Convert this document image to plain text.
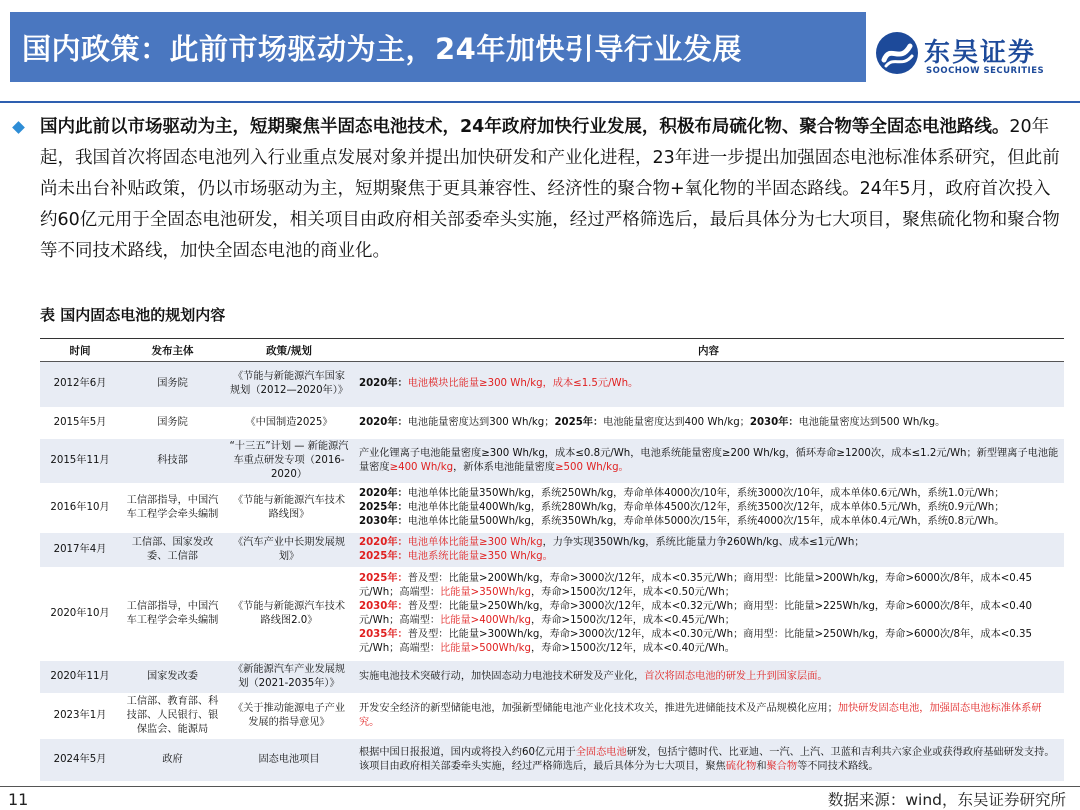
国内政策：此前市场驱动为主，24年加快引导行业发展	东吴证券
SOOCHOW SECURITIES
国内此前以市场驱动为主，短期聚焦半固态电池技术，24年政府加快行业发展，积极布局硫化物、聚合物等全固态电池路线。20年起，我国首次将固态电池列入行业重点发展对象并提出加快研发和产业化进程，23年进一步提出加强固态电池标准体系研究，但此前尚未出台补贴政策，仍以市场驱动为主，短期聚焦于更具兼容性、经济性的聚合物+氧化物的半固态路线。24年5月，政府首次投入约60亿元用于全固态电池研发，相关项目由政府相关部委牵头实施，经过严格筛选后，最后具体分为七大项目，聚焦硫化物和聚合物等不同技术路线，加快全固态电池的商业化。
表 国内固态电池的规划内容
时间	发布主体	政策/规划	内容
2012年6月	国务院	《节能与新能源汽车国家规划（2012—2020年）》	2020年：电池模块比能量≥300 Wh/kg，成本≤1.5元/Wh。
2015年5月	国务院	《中国制造2025》	2020年：电池能量密度达到300 Wh/kg；2025年：电池能量密度达到400 Wh/kg；2030年：电池能量密度达到500 Wh/kg。
2015年11月	科技部	“十三五”计划 — 新能源汽车重点研发专项（2016-2020）	产业化锂离子电池能量密度≥300 Wh/kg，成本≤0.8元/Wh，电池系统能量密度≥200 Wh/kg，循环寿命≥1200次，成本≤1.2元/Wh；新型锂离子电池能量密度≥400 Wh/kg，新体系电池能量密度≥500 Wh/kg。
2016年10月	工信部指导，中国汽车工程学会牵头编制	《节能与新能源汽车技术路线图》	2020年：电池单体比能量350Wh/kg，系统250Wh/kg，寿命单体4000次/10年，系统3000次/10年，成本单体0.6元/Wh，系统1.0元/Wh；
2025年：电池单体比能量400Wh/kg，系统280Wh/kg，寿命单体4500次/12年，系统3500次/12年，成本单体0.5元/Wh，系统0.9元/Wh；
2030年：电池单体比能量500Wh/kg，系统350Wh/kg，寿命单体5000次/15年，系统4000次/15年，成本单体0.4元/Wh，系统0.8元/Wh。
2017年4月	工信部、国家发改委、工信部	《汽车产业中长期发展规划》	2020年：电池单体比能量≥300 Wh/kg，力争实现350Wh/kg，系统比能量力争260Wh/kg、成本≤1元/Wh；
2025年：电池系统比能量≥350 Wh/kg。
2020年10月	工信部指导，中国汽车工程学会牵头编制	《节能与新能源汽车技术路线图2.0》	2025年：普及型：比能量>200Wh/kg，寿命>3000次/12年，成本<0.35元/Wh；商用型：比能量>200Wh/kg，寿命>6000次/8年，成本<0.45元/Wh；高端型：比能量>350Wh/kg，寿命>1500次/12年，成本<0.50元/Wh；
2030年：普及型：比能量>250Wh/kg，寿命>3000次/12年，成本<0.32元/Wh；商用型：比能量>225Wh/kg，寿命>6000次/8年，成本<0.40元/Wh；高端型：比能量>400Wh/kg，寿命>1500次/12年，成本<0.45元/Wh；
2035年：普及型：比能量>300Wh/kg，寿命>3000次/12年，成本<0.30元/Wh；商用型：比能量>250Wh/kg，寿命>6000次/8年，成本<0.35元/Wh；高端型：比能量>500Wh/kg，寿命>1500次/12年，成本<0.40元/Wh。
2020年11月	国家发改委	《新能源汽车产业发展规划（2021-2035年）》	实施电池技术突破行动，加快固态动力电池技术研发及产业化，首次将固态电池的研发上升到国家层面。
2023年1月	工信部、教育部、科技部、人民银行、银保监会、能源局	《关于推动能源电子产业发展的指导意见》	开发安全经济的新型储能电池，加强新型储能电池产业化技术攻关，推进先进储能技术及产品规模化应用；加快研发固态电池，加强固态电池标准体系研究。
2024年5月	政府	固态电池项目	根据中国日报报道，国内或将投入约60亿元用于全固态电池研发，包括宁德时代、比亚迪、一汽、上汽、卫蓝和吉利共六家企业或获得政府基础研发支持。该项目由政府相关部委牵头实施，经过严格筛选后，最后具体分为七大项目，聚焦硫化物和聚合物等不同技术路线。
11	数据来源：wind，东吴证券研究所
